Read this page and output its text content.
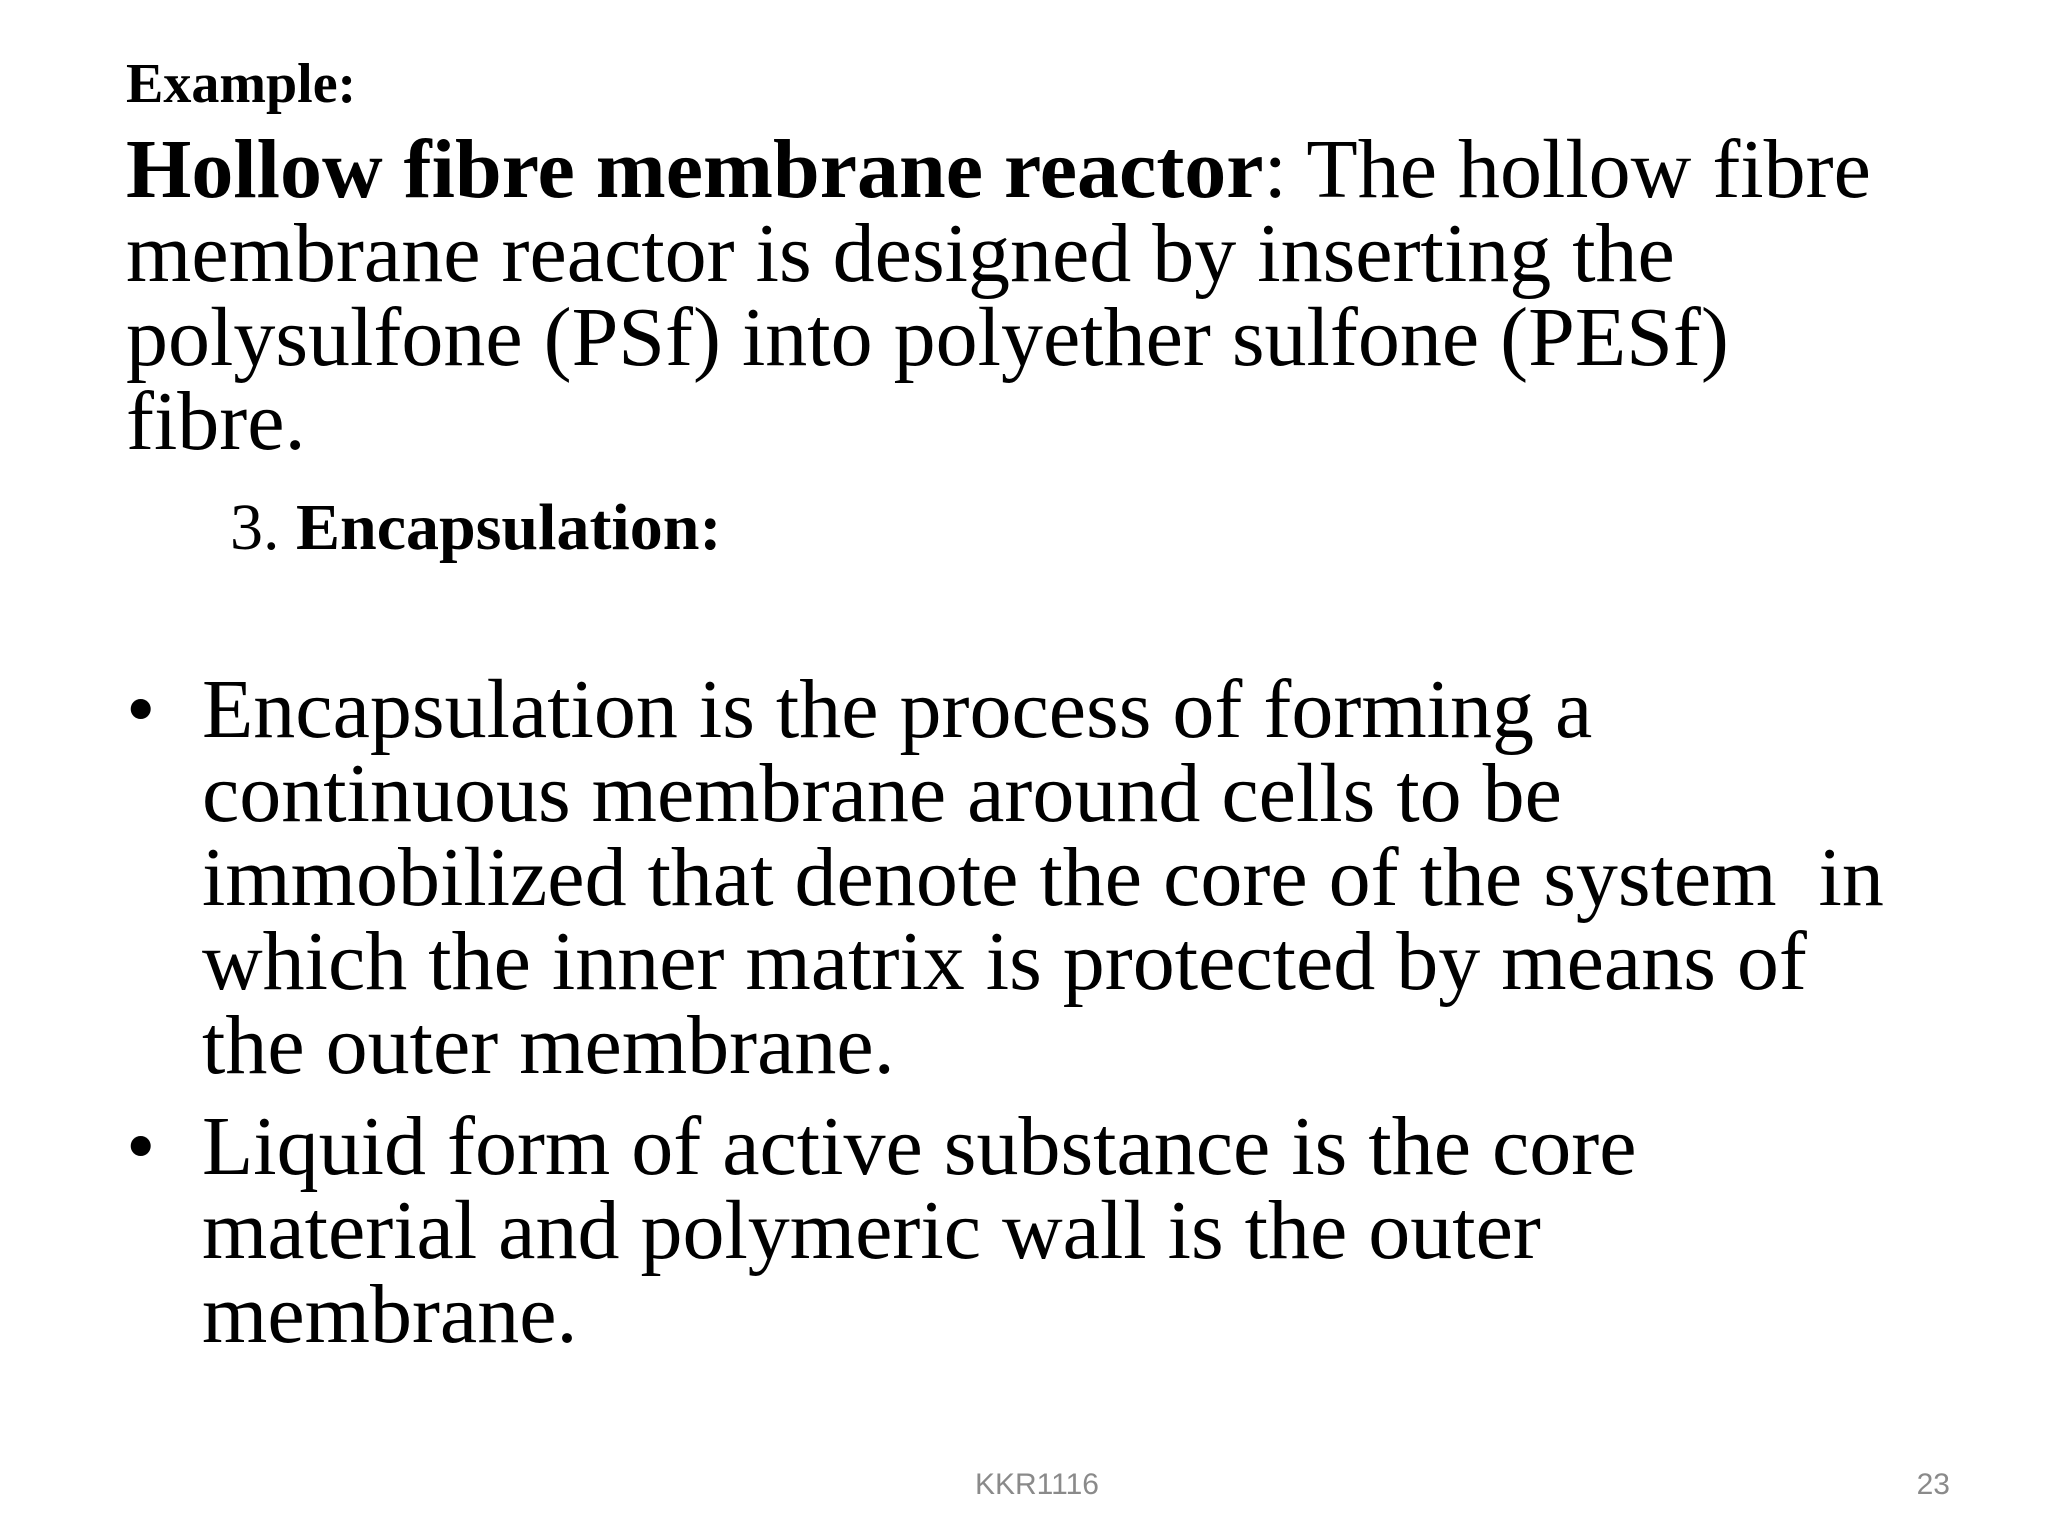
Example:
Hollow fibre membrane reactor: The hollow fibre
membrane reactor is designed by inserting the
polysulfone (PSf) into polyether sulfone (PESf)
fibre.
3. Encapsulation:
• Encapsulation is the process of forming a
continuous membrane around cells to be
immobilized that denote the core of the system  in
which the inner matrix is protected by means of
the outer membrane.
• Liquid form of active substance is the core
material and polymeric wall is the outer
membrane.
KKR1116	23
